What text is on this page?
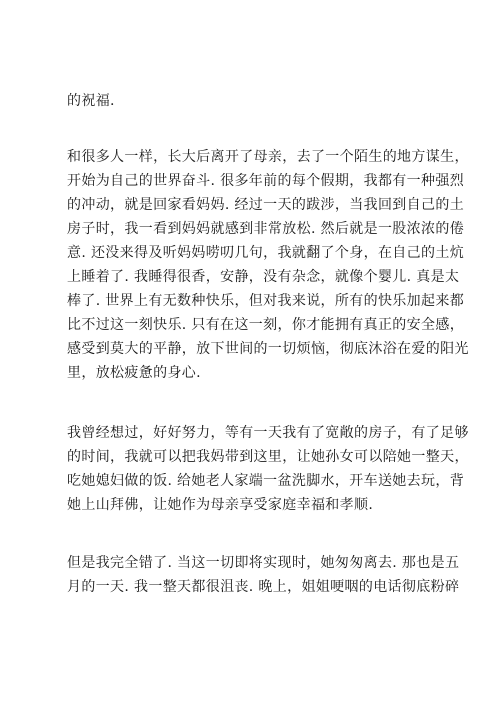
的祝福.
和很多人一样，长大后离开了母亲，去了一个陌生的地方谋生，
开始为自己的世界奋斗. 很多年前的每个假期，我都有一种强烈
的冲动，就是回家看妈妈. 经过一天的跋涉，当我回到自己的土
房子时，我一看到妈妈就感到非常放松. 然后就是一股浓浓的倦
意. 还没来得及听妈妈唠叨几句，我就翻了个身，在自己的土炕
上睡着了. 我睡得很香，安静，没有杂念，就像个婴儿. 真是太
棒了. 世界上有无数种快乐，但对我来说，所有的快乐加起来都
比不过这一刻快乐. 只有在这一刻，你才能拥有真正的安全感，
感受到莫大的平静，放下世间的一切烦恼，彻底沐浴在爱的阳光
里，放松疲惫的身心.
我曾经想过，好好努力，等有一天我有了宽敞的房子，有了足够
的时间，我就可以把我妈带到这里，让她孙女可以陪她一整天，
吃她媳妇做的饭. 给她老人家端一盆洗脚水，开车送她去玩，背
她上山拜佛，让她作为母亲享受家庭幸福和孝顺.
但是我完全错了. 当这一切即将实现时，她匆匆离去. 那也是五
月的一天. 我一整天都很沮丧. 晚上，姐姐哽咽的电话彻底粉碎
